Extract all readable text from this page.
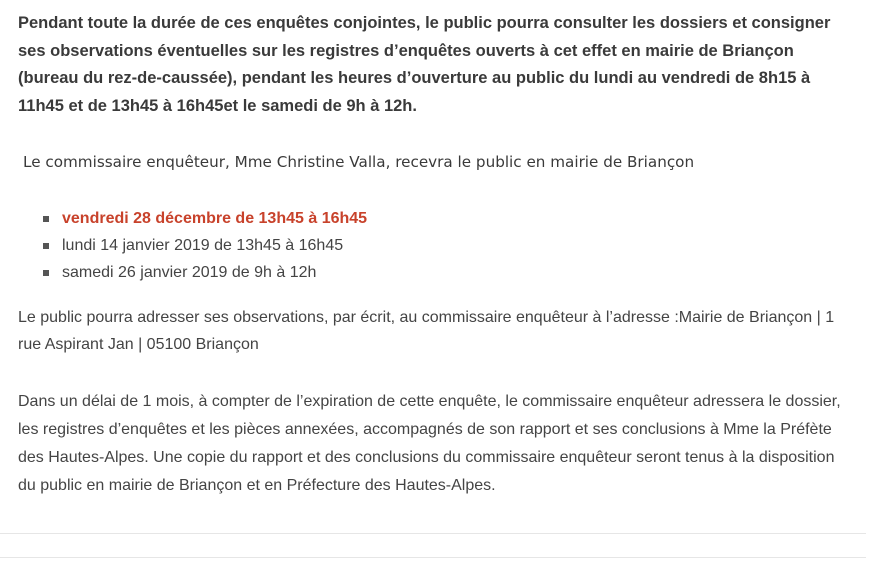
Pendant toute la durée de ces enquêtes conjointes, le public pourra consulter les dossiers et consigner ses observations éventuelles sur les registres d’enquêtes ouverts à cet effet en mairie de Briançon (bureau du rez-de-caussée), pendant les heures d’ouverture au public du lundi au vendredi de 8h15 à 11h45 et de 13h45 à 16h45et le samedi de 9h à 12h.

Le commissaire enquêteur, Mme Christine Valla, recevra le public en mairie de Briançon

vendredi 28 décembre de 13h45 à 16h45
lundi 14 janvier 2019 de 13h45 à 16h45
samedi 26 janvier 2019 de 9h à 12h

Le public pourra adresser ses observations, par écrit, au commissaire enquêteur à l’adresse :Mairie de Briançon | 1 rue Aspirant Jan | 05100 Briançon

Dans un délai de 1 mois, à compter de l’expiration de cette enquête, le commissaire enquêteur adressera le dossier, les registres d’enquêtes et les pièces annexées, accompagnés de son rapport et ses conclusions à Mme la Préfète des Hautes-Alpes. Une copie du rapport et des conclusions du commissaire enquêteur seront tenus à la disposition du public en mairie de Briançon et en Préfecture des Hautes-Alpes.
